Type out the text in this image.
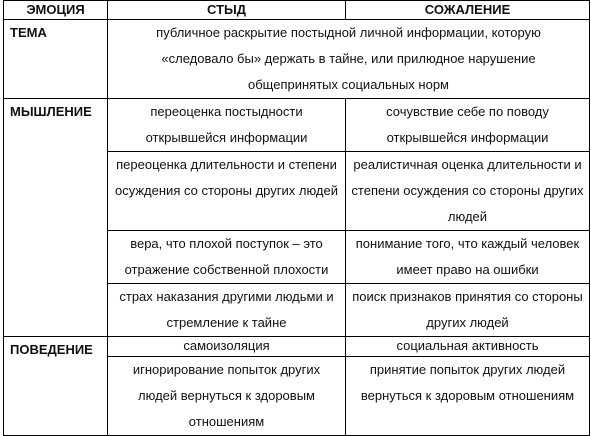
ЭМОЦИЯ	СТЫД	СОЖАЛЕНИЕ
ТЕМА	публичное раскрытие постыдной личной информации, которую «следовало бы» держать в тайне, или прилюдное нарушение общепринятых социальных норм	
МЫШЛЕНИЕ	переоценка постыдности открывшейся информации	сочувствие себе по поводу открывшейся информации
	переоценка длительности и степени осуждения со стороны других людей	реалистичная оценка длительности и степени осуждения со стороны других людей
	вера, что плохой поступок – это отражение собственной плохости	понимание того, что каждый человек имеет право на ошибки
	страх наказания другими людьми и стремление к тайне	поиск признаков принятия со стороны других людей
ПОВЕДЕНИЕ	самоизоляция	социальная активность
	игнорирование попыток других людей вернуться к здоровым отношениям	принятие попыток других людей вернуться к здоровым отношениям
